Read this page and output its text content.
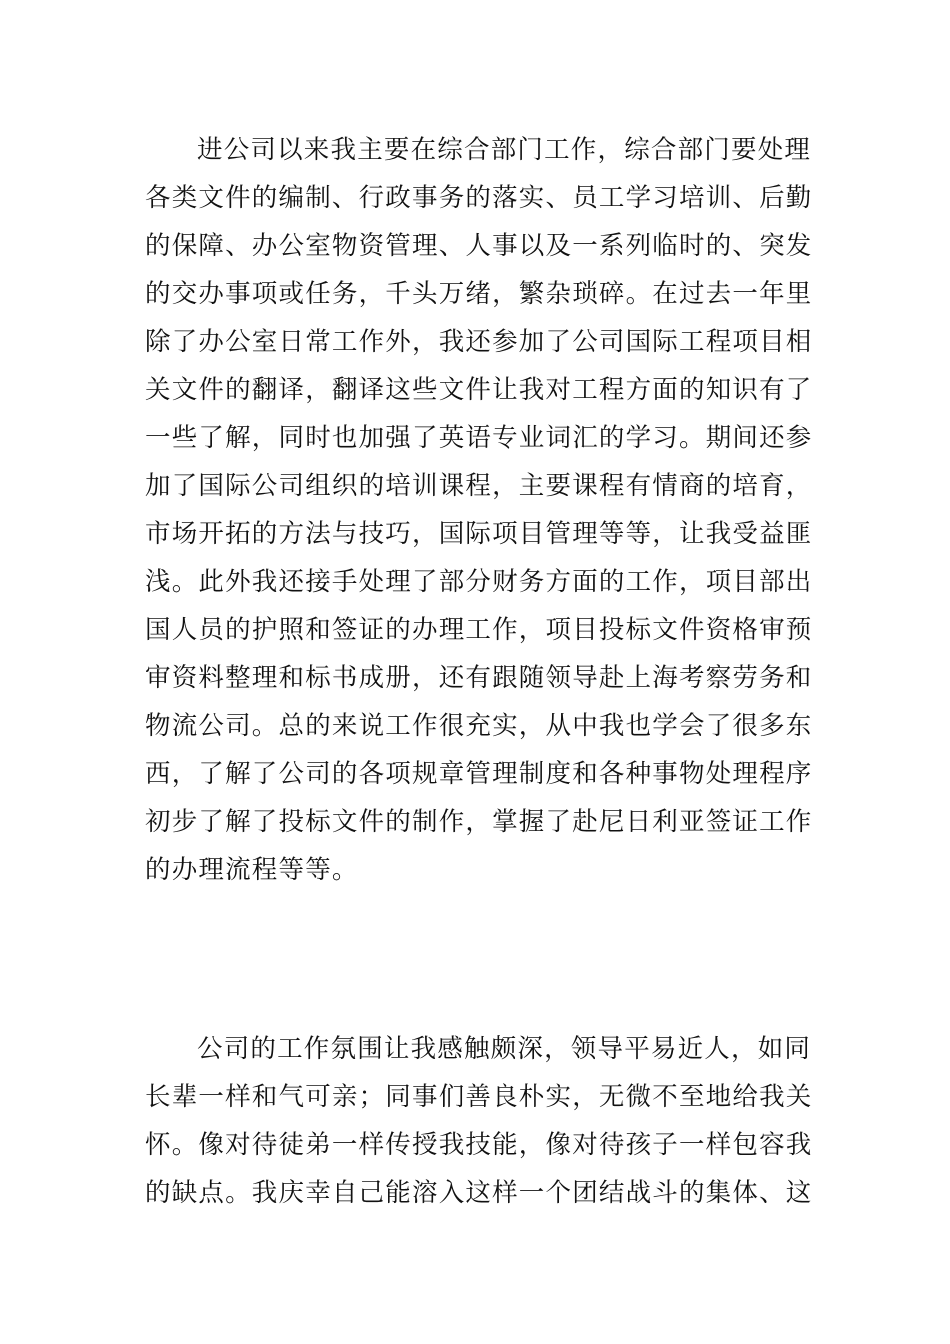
进公司以来我主要在综合部门工作，综合部门要处理
各类文件的编制、行政事务的落实、员工学习培训、后勤
的保障、办公室物资管理、人事以及一系列临时的、突发
的交办事项或任务，千头万绪，繁杂琐碎。在过去一年里
除了办公室日常工作外，我还参加了公司国际工程项目相
关文件的翻译，翻译这些文件让我对工程方面的知识有了
一些了解，同时也加强了英语专业词汇的学习。期间还参
加了国际公司组织的培训课程，主要课程有情商的培育，
市场开拓的方法与技巧，国际项目管理等等，让我受益匪
浅。此外我还接手处理了部分财务方面的工作，项目部出
国人员的护照和签证的办理工作，项目投标文件资格审预
审资料整理和标书成册，还有跟随领导赴上海考察劳务和
物流公司。总的来说工作很充实，从中我也学会了很多东
西，了解了公司的各项规章管理制度和各种事物处理程序
初步了解了投标文件的制作，掌握了赴尼日利亚签证工作
的办理流程等等。
公司的工作氛围让我感触颇深，领导平易近人，如同
长辈一样和气可亲；同事们善良朴实，无微不至地给我关
怀。像对待徒弟一样传授我技能，像对待孩子一样包容我
的缺点。我庆幸自己能溶入这样一个团结战斗的集体、这
